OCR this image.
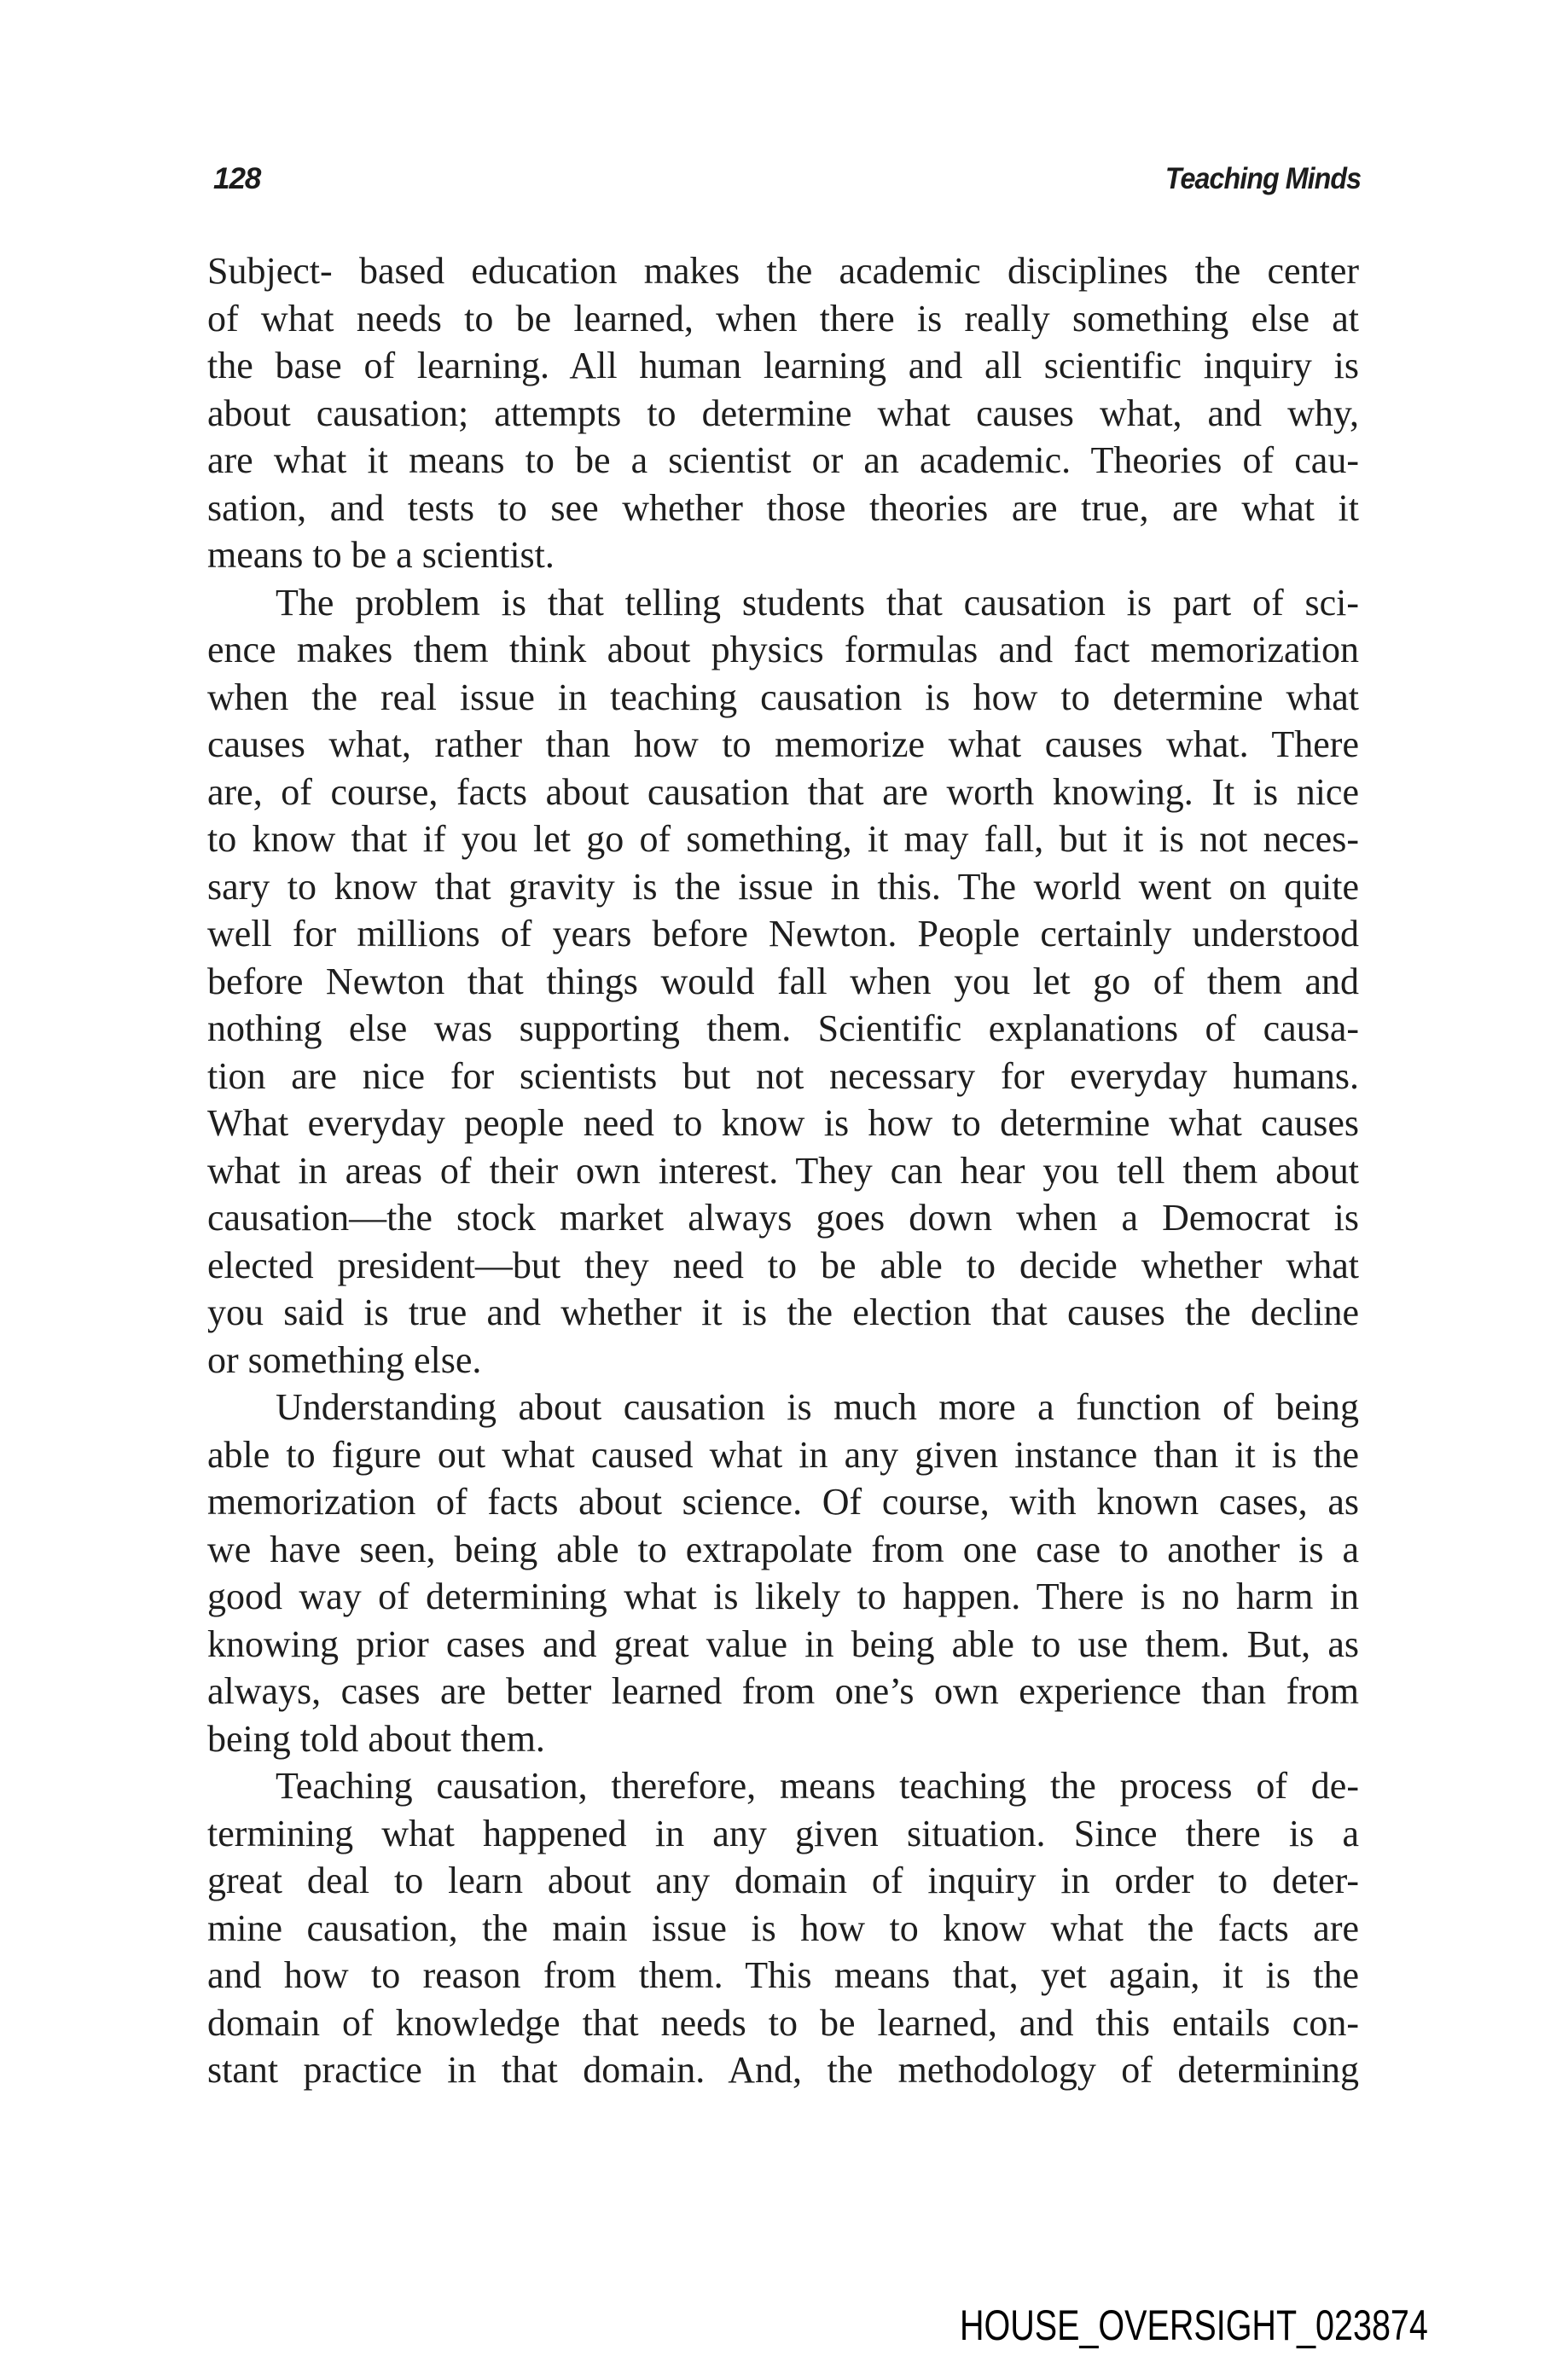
128	Teaching Minds
Subject- based education makes the academic disciplines the center
of what needs to be learned, when there is really something else at
the base of learning. All human learning and all scientific inquiry is
about causation; attempts to determine what causes what, and why,
are what it means to be a scientist or an academic. Theories of cau-
sation, and tests to see whether those theories are true, are what it
means to be a scientist.
The problem is that telling students that causation is part of sci-
ence makes them think about physics formulas and fact memorization
when the real issue in teaching causation is how to determine what
causes what, rather than how to memorize what causes what. There
are, of course, facts about causation that are worth knowing. It is nice
to know that if you let go of something, it may fall, but it is not neces-
sary to know that gravity is the issue in this. The world went on quite
well for millions of years before Newton. People certainly understood
before Newton that things would fall when you let go of them and
nothing else was supporting them. Scientific explanations of causa-
tion are nice for scientists but not necessary for everyday humans.
What everyday people need to know is how to determine what causes
what in areas of their own interest. They can hear you tell them about
causation—the stock market always goes down when a Democrat is
elected president—but they need to be able to decide whether what
you said is true and whether it is the election that causes the decline
or something else.
Understanding about causation is much more a function of being
able to figure out what caused what in any given instance than it is the
memorization of facts about science. Of course, with known cases, as
we have seen, being able to extrapolate from one case to another is a
good way of determining what is likely to happen. There is no harm in
knowing prior cases and great value in being able to use them. But, as
always, cases are better learned from one’s own experience than from
being told about them.
Teaching causation, therefore, means teaching the process of de-
termining what happened in any given situation. Since there is a
great deal to learn about any domain of inquiry in order to deter-
mine causation, the main issue is how to know what the facts are
and how to reason from them. This means that, yet again, it is the
domain of knowledge that needs to be learned, and this entails con-
stant practice in that domain. And, the methodology of determining
HOUSE_OVERSIGHT_023874
